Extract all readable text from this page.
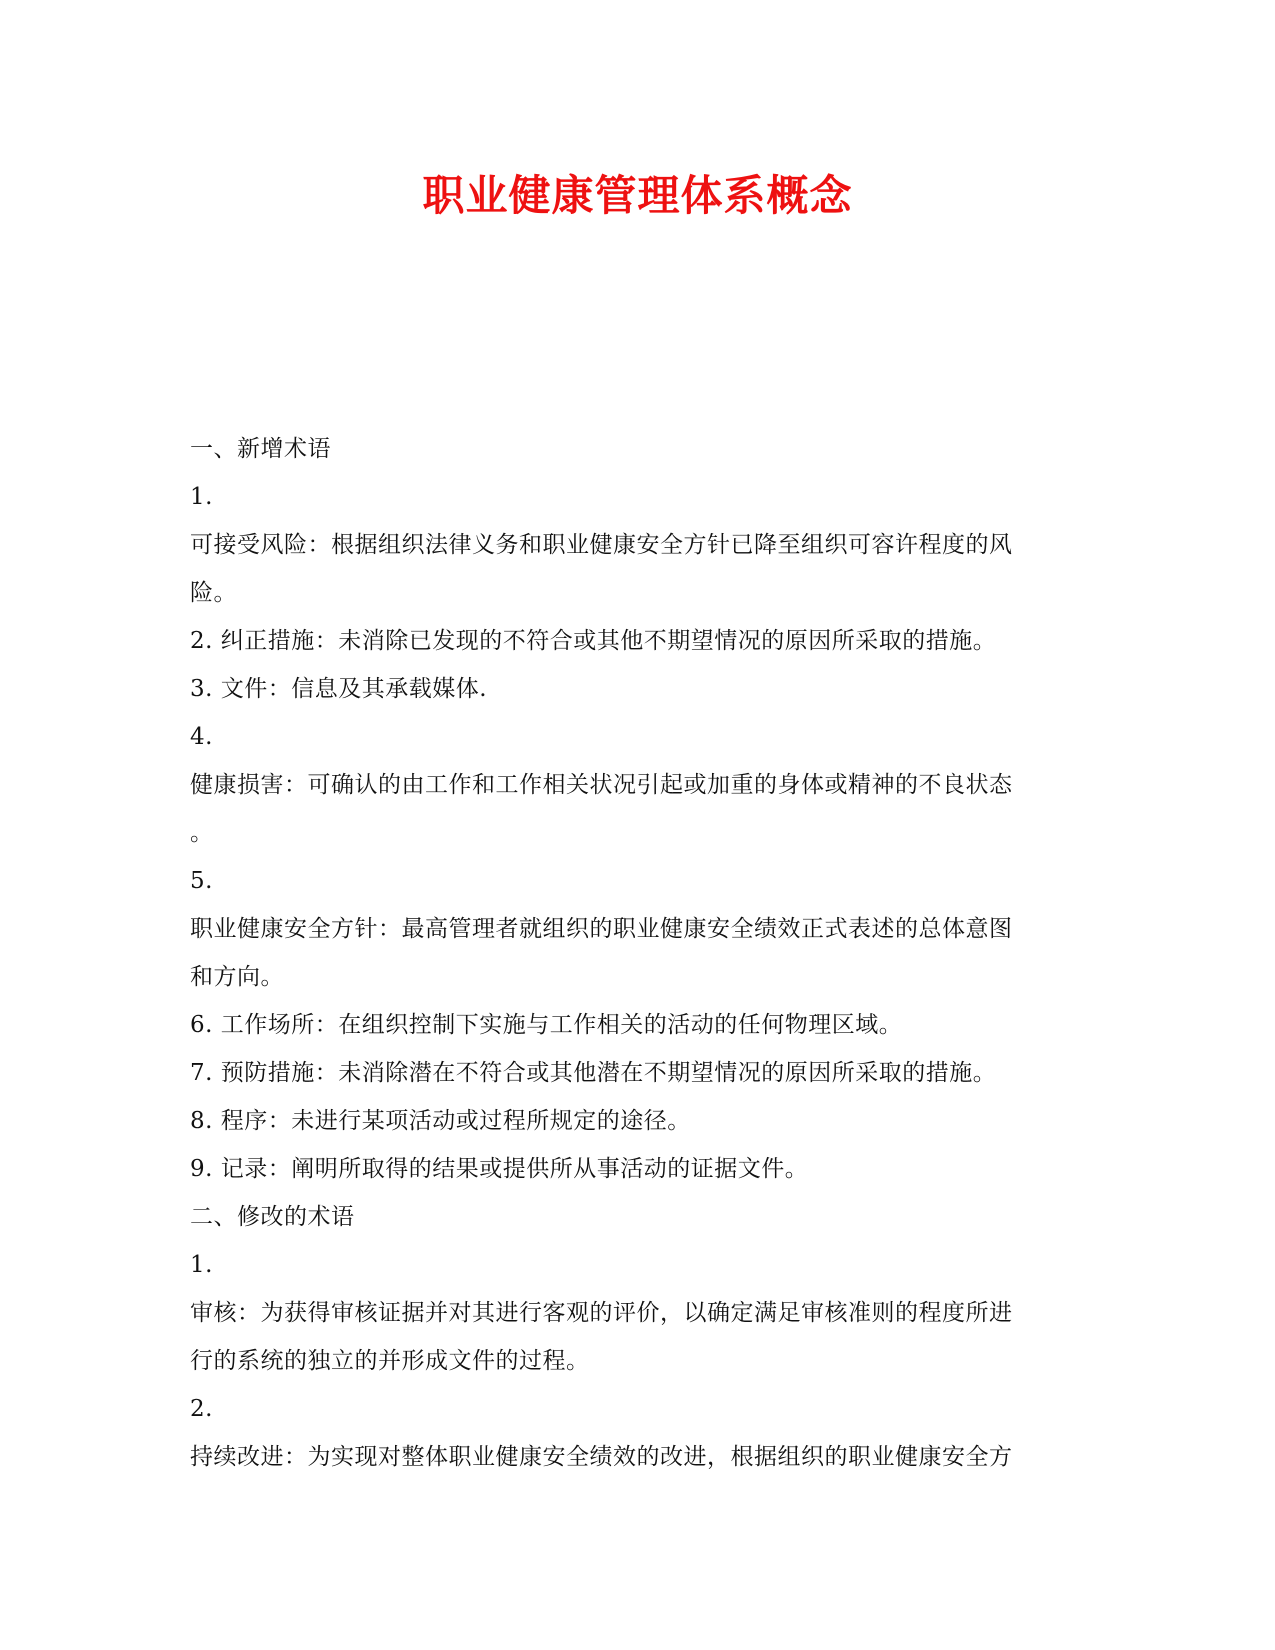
职业健康管理体系概念

一、新增术语

1.

可接受风险：根据组织法律义务和职业健康安全方针已降至组织可容许程度的风

险。

2. 纠正措施：未消除已发现的不符合或其他不期望情况的原因所采取的措施。

3. 文件：信息及其承载媒体.

4.

健康损害：可确认的由工作和工作相关状况引起或加重的身体或精神的不良状态

。

5.

职业健康安全方针：最高管理者就组织的职业健康安全绩效正式表述的总体意图

和方向。

6. 工作场所：在组织控制下实施与工作相关的活动的任何物理区域。

7. 预防措施：未消除潜在不符合或其他潜在不期望情况的原因所采取的措施。

8. 程序：未进行某项活动或过程所规定的途径。

9. 记录：阐明所取得的结果或提供所从事活动的证据文件。

二、修改的术语

1.

审核：为获得审核证据并对其进行客观的评价，以确定满足审核准则的程度所进

行的系统的独立的并形成文件的过程。

2.

持续改进：为实现对整体职业健康安全绩效的改进，根据组织的职业健康安全方
